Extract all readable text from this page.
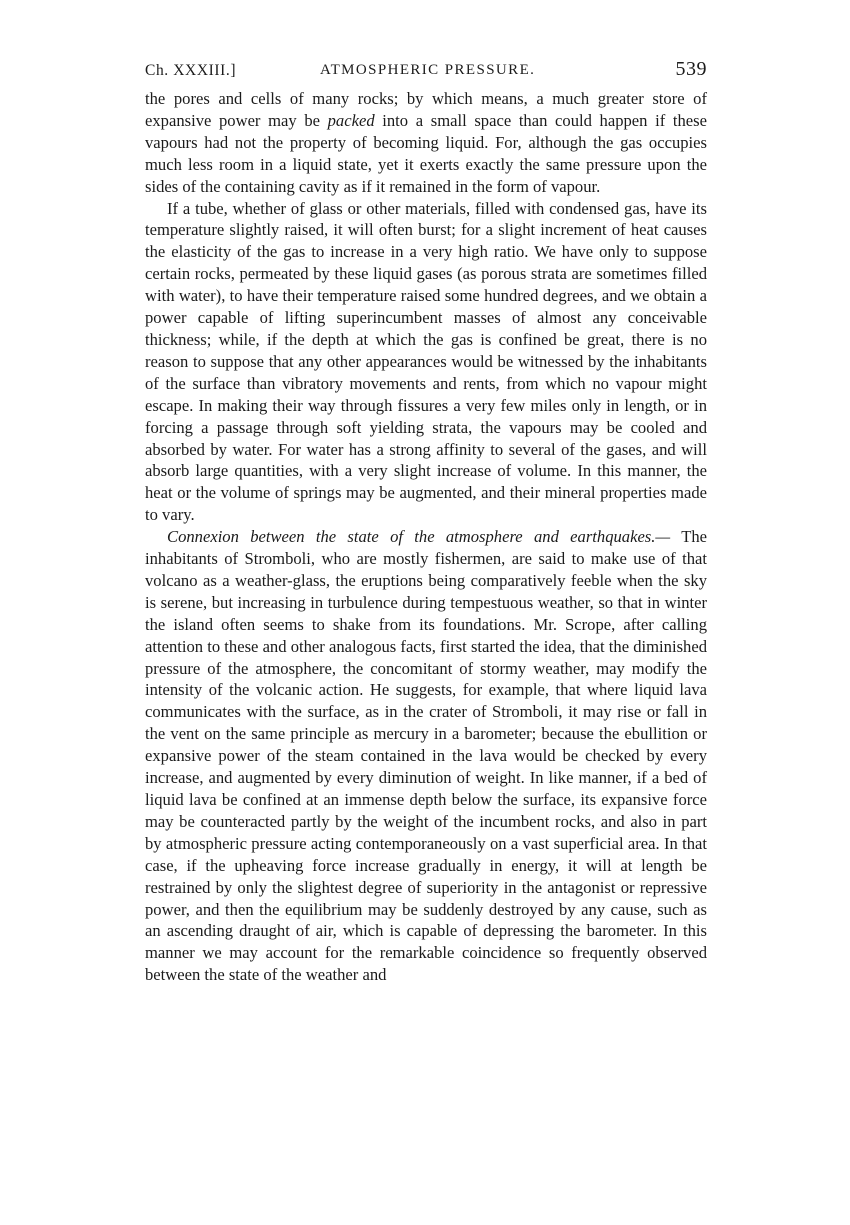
Ch. XXXIII.]	ATMOSPHERIC PRESSURE.	539

the pores and cells of many rocks; by which means, a much greater store of expansive power may be packed into a small space than could happen if these vapours had not the property of becoming liquid. For, although the gas occupies much less room in a liquid state, yet it exerts exactly the same pressure upon the sides of the containing cavity as if it remained in the form of vapour.

If a tube, whether of glass or other materials, filled with condensed gas, have its temperature slightly raised, it will often burst; for a slight increment of heat causes the elasticity of the gas to increase in a very high ratio. We have only to suppose certain rocks, permeated by these liquid gases (as porous strata are sometimes filled with water), to have their temperature raised some hundred degrees, and we obtain a power capable of lifting superincumbent masses of almost any conceivable thickness; while, if the depth at which the gas is confined be great, there is no reason to suppose that any other appearances would be witnessed by the inhabitants of the surface than vibratory movements and rents, from which no vapour might escape. In making their way through fissures a very few miles only in length, or in forcing a passage through soft yielding strata, the vapours may be cooled and absorbed by water. For water has a strong affinity to several of the gases, and will absorb large quantities, with a very slight increase of volume. In this manner, the heat or the volume of springs may be augmented, and their mineral properties made to vary.

Connexion between the state of the atmosphere and earthquakes.— The inhabitants of Stromboli, who are mostly fishermen, are said to make use of that volcano as a weather-glass, the eruptions being comparatively feeble when the sky is serene, but increasing in turbulence during tempestuous weather, so that in winter the island often seems to shake from its foundations. Mr. Scrope, after calling attention to these and other analogous facts, first started the idea, that the diminished pressure of the atmosphere, the concomitant of stormy weather, may modify the intensity of the volcanic action. He suggests, for example, that where liquid lava communicates with the surface, as in the crater of Stromboli, it may rise or fall in the vent on the same principle as mercury in a barometer; because the ebullition or expansive power of the steam contained in the lava would be checked by every increase, and augmented by every diminution of weight. In like manner, if a bed of liquid lava be confined at an immense depth below the surface, its expansive force may be counteracted partly by the weight of the incumbent rocks, and also in part by atmospheric pressure acting contemporaneously on a vast superficial area. In that case, if the upheaving force increase gradually in energy, it will at length be restrained by only the slightest degree of superiority in the antagonist or repressive power, and then the equilibrium may be suddenly destroyed by any cause, such as an ascending draught of air, which is capable of depressing the barometer. In this manner we may account for the remarkable coincidence so frequently observed between the state of the weather and
